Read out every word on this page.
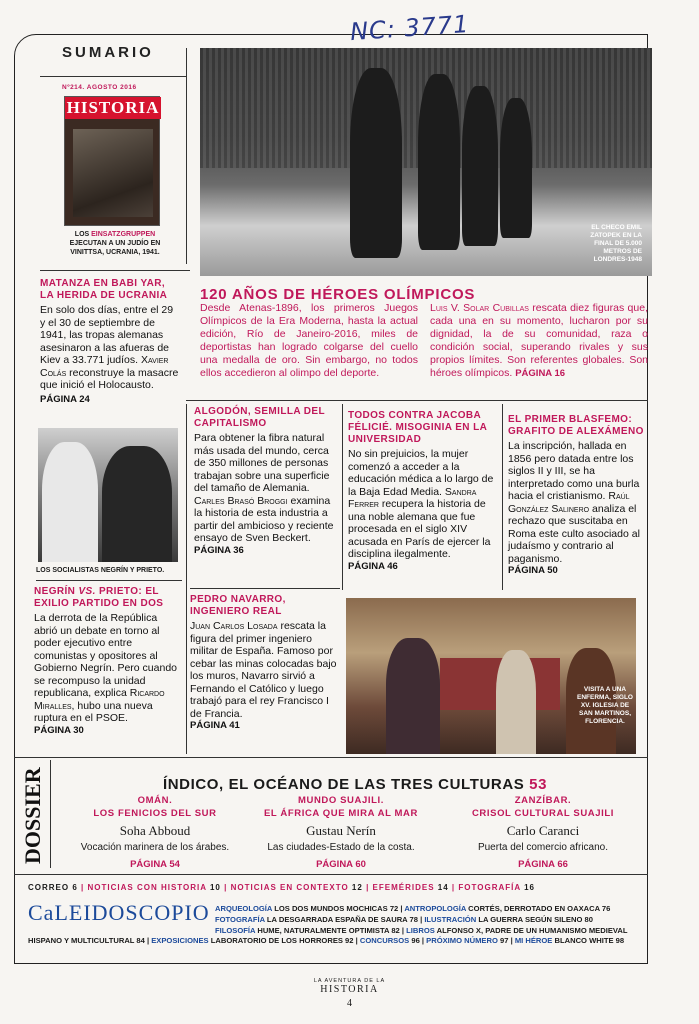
NC: 3771
SUMARIO
Nº214. AGOSTO 2016
HISTORIA
LOS EINSATZGRUPPEN EJECUTAN A UN JUDÍO EN VINITTSA, UCRANIA, 1941.
EL CHECO EMIL ZATOPEK EN LA FINAL DE 5.000 METROS DE LONDRES-1948
120 AÑOS DE HÉROES OLÍMPICOS
Desde Atenas-1896, los primeros Juegos Olímpicos de la Era Moderna, hasta la actual edición, Río de Janeiro-2016, miles de deportistas han logrado colgarse del cuello una medalla de oro. Sin embargo, no todos ellos accedieron al olimpo del deporte.
Luis V. Solar Cubillas rescata diez figuras que, cada una en su momento, lucharon por su dignidad, la de su comunidad, raza o condición social, superando rivales y sus propios límites. Son referentes globales. Son héroes olímpicos. PÁGINA 16
MATANZA EN BABI YAR, LA HERIDA DE UCRANIA
En solo dos días, entre el 29 y el 30 de septiembre de 1941, las tropas alemanas asesinaron a las afueras de Kiev a 33.771 judíos. Xavier Colás reconstruye la masacre que inició el Holocausto.
PÁGINA 24
LOS SOCIALISTAS NEGRÍN Y PRIETO.
NEGRÍN VS. PRIETO: EL EXILIO PARTIDO EN DOS
La derrota de la República abrió un debate en torno al poder ejecutivo entre comunistas y opositores al Gobierno Negrín. Pero cuando se recompuso la unidad republicana, explica Ricardo Miralles, hubo una nueva ruptura en el PSOE.
PÁGINA 30
ALGODÓN, SEMILLA DEL CAPITALISMO
Para obtener la fibra natural más usada del mundo, cerca de 350 millones de personas trabajan sobre una superficie del tamaño de Alemania. Carles Brasó Broggi examina la historia de esta industria a partir del ambicioso y reciente ensayo de Sven Beckert.
PÁGINA 36
PEDRO NAVARRO, INGENIERO REAL
Juan Carlos Losada rescata la figura del primer ingeniero militar de España. Famoso por cebar las minas colocadas bajo los muros, Navarro sirvió a Fernando el Católico y luego trabajó para el rey Francisco I de Francia.
PÁGINA 41
TODOS CONTRA JACOBA FÉLICIÉ. MISOGINIA EN LA UNIVERSIDAD
No sin prejuicios, la mujer comenzó a acceder a la educación médica a lo largo de la Baja Edad Media. Sandra Ferrer recupera la historia de una noble alemana que fue procesada en el siglo XIV acusada en París de ejercer la disciplina ilegalmente.
PÁGINA 46
EL PRIMER BLASFEMO: GRAFITO DE ALEXÁMENO
La inscripción, hallada en 1856 pero datada entre los siglos II y III, se ha interpretado como una burla hacia el cristianismo. Raúl González Salinero analiza el rechazo que suscitaba en Roma este culto asociado al judaísmo y contrario al paganismo.
PÁGINA 50
VISITA A UNA ENFERMA, SIGLO XV. IGLESIA DE SAN MARTINOS, FLORENCIA.
DOSSIER	ÍNDICO, EL OCÉANO DE LAS TRES CULTURAS 53
OMÁN.
LOS FENICIOS DEL SUR
Soha Abboud
Vocación marinera de los árabes.
PÁGINA 54
MUNDO SUAJILI.
EL ÁFRICA QUE MIRA AL MAR
Gustau Nerín
Las ciudades-Estado de la costa.
PÁGINA 60
ZANZÍBAR.
CRISOL CULTURAL SUAJILI
Carlo Caranci
Puerta del comercio africano.
PÁGINA 66
CORREO 6 | NOTICIAS CON HISTORIA 10 | NOTICIAS EN CONTEXTO 12 | EFEMÉRIDES 14 | FOTOGRAFÍA 16
CaLEIDOSCOPIO ARQUEOLOGÍA LOS DOS MUNDOS MOCHICAS 72 | ANTROPOLOGÍA CORTÉS, DERROTADO EN OAXACA 76
FOTOGRAFÍA LA DESGARRADA ESPAÑA DE SAURA 78 | ILUSTRACIÓN LA GUERRA SEGÚN SILENO 80
FILOSOFÍA HUME, NATURALMENTE OPTIMISTA 82 | LIBROS ALFONSO X, PADRE DE UN HUMANISMO MEDIEVAL
HISPANO Y MULTICULTURAL 84 | EXPOSICIONES LABORATORIO DE LOS HORRORES 92 | CONCURSOS 96 | PRÓXIMO NÚMERO 97 | MI HÉROE BLANCO WHITE 98
LA AVENTURA DE LA
HISTORIA
4
